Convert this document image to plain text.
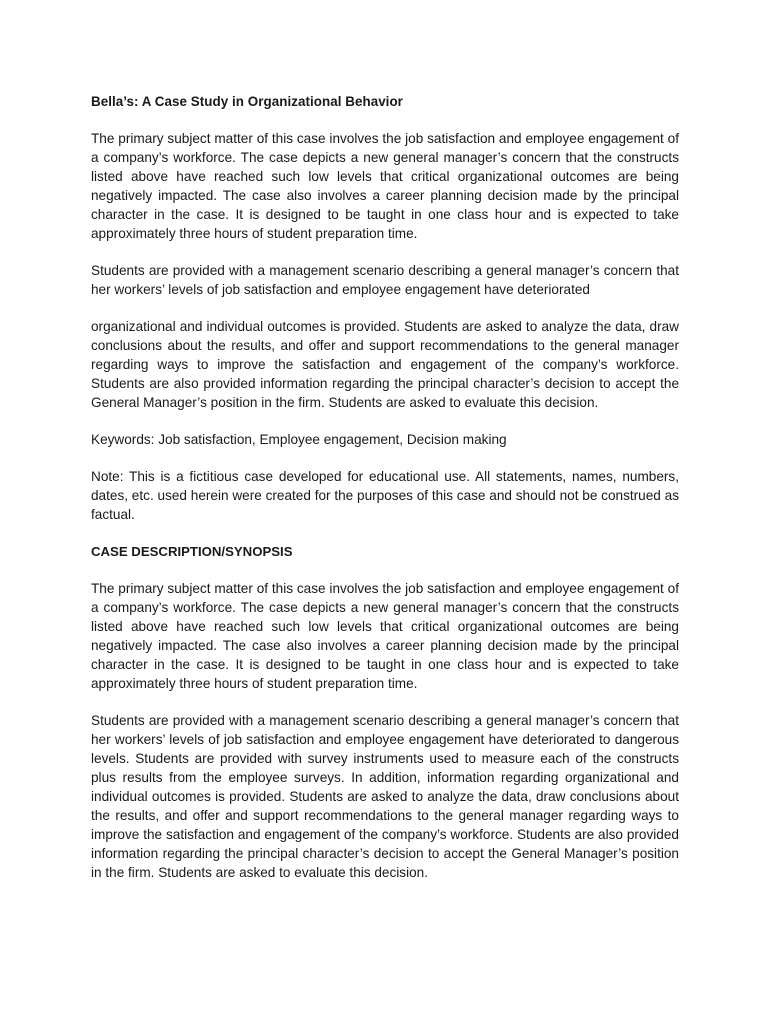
Bella’s: A Case Study in Organizational Behavior

The primary subject matter of this case involves the job satisfaction and employee engagement of a company’s workforce. The case depicts a new general manager’s concern that the constructs listed above have reached such low levels that critical organizational outcomes are being negatively impacted. The case also involves a career planning decision made by the principal character in the case. It is designed to be taught in one class hour and is expected to take approximately three hours of student preparation time.

Students are provided with a management scenario describing a general manager’s concern that her workers’ levels of job satisfaction and employee engagement have deteriorated

organizational and individual outcomes is provided. Students are asked to analyze the data, draw conclusions about the results, and offer and support recommendations to the general manager regarding ways to improve the satisfaction and engagement of the company’s workforce. Students are also provided information regarding the principal character’s decision to accept the General Manager’s position in the firm. Students are asked to evaluate this decision.

Keywords: Job satisfaction, Employee engagement, Decision making

Note: This is a fictitious case developed for educational use. All statements, names, numbers, dates, etc. used herein were created for the purposes of this case and should not be construed as factual.

CASE DESCRIPTION/SYNOPSIS

The primary subject matter of this case involves the job satisfaction and employee engagement of a company’s workforce. The case depicts a new general manager’s concern that the constructs listed above have reached such low levels that critical organizational outcomes are being negatively impacted. The case also involves a career planning decision made by the principal character in the case. It is designed to be taught in one class hour and is expected to take approximately three hours of student preparation time.

Students are provided with a management scenario describing a general manager’s concern that her workers’ levels of job satisfaction and employee engagement have deteriorated to dangerous levels. Students are provided with survey instruments used to measure each of the constructs plus results from the employee surveys. In addition, information regarding organizational and individual outcomes is provided. Students are asked to analyze the data, draw conclusions about the results, and offer and support recommendations to the general manager regarding ways to improve the satisfaction and engagement of the company’s workforce. Students are also provided information regarding the principal character’s decision to accept the General Manager’s position in the firm. Students are asked to evaluate this decision.
